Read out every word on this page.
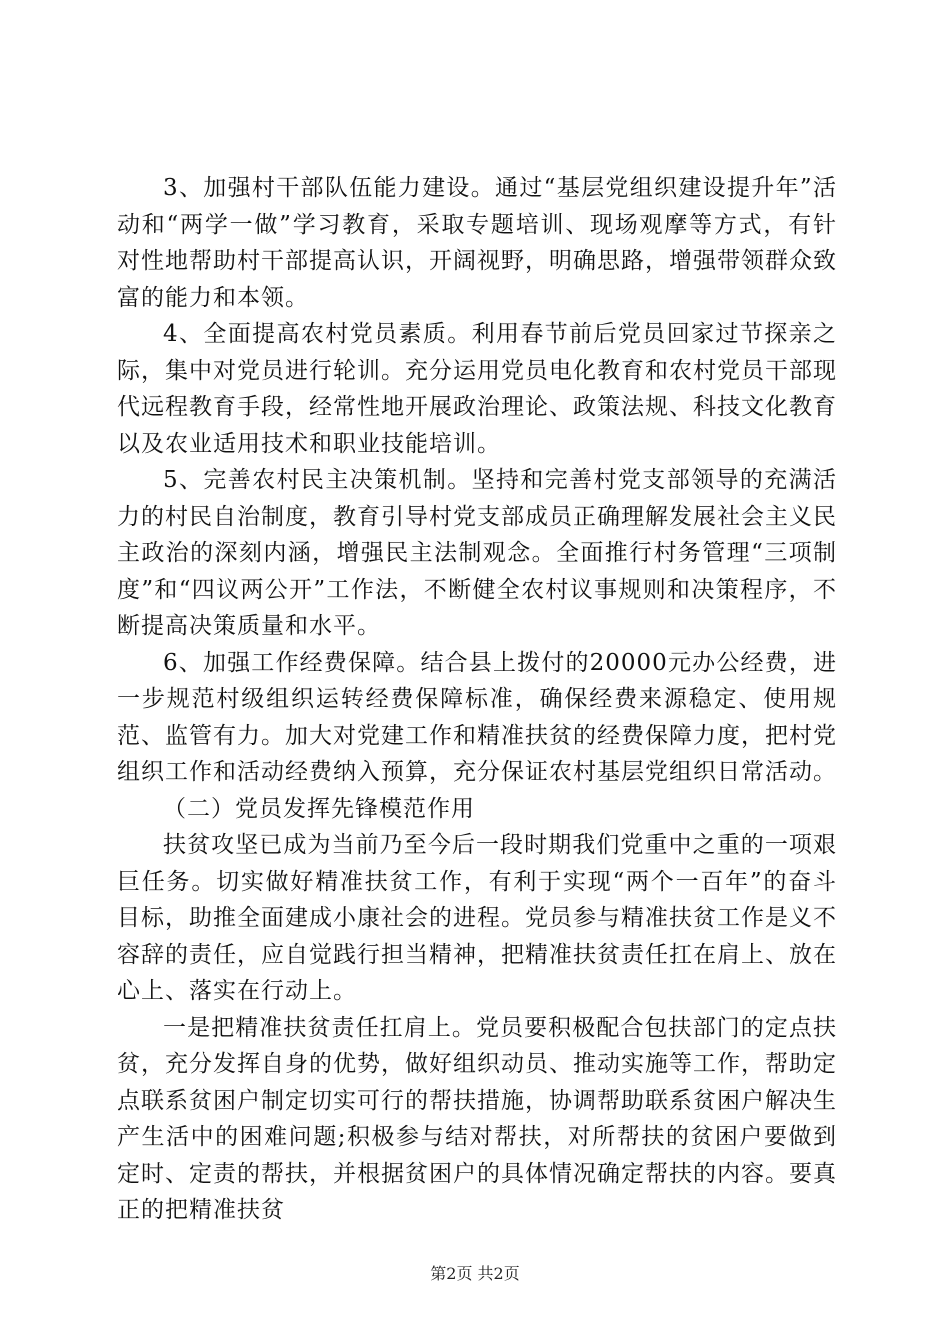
3、加强村干部队伍能力建设。通过“基层党组织建设提升年”活动和“两学一做”学习教育，采取专题培训、现场观摩等方式，有针对性地帮助村干部提高认识，开阔视野，明确思路，增强带领群众致富的能力和本领。

4、全面提高农村党员素质。利用春节前后党员回家过节探亲之际，集中对党员进行轮训。充分运用党员电化教育和农村党员干部现代远程教育手段，经常性地开展政治理论、政策法规、科技文化教育以及农业适用技术和职业技能培训。

5、完善农村民主决策机制。坚持和完善村党支部领导的充满活力的村民自治制度，教育引导村党支部成员正确理解发展社会主义民主政治的深刻内涵，增强民主法制观念。全面推行村务管理“三项制度”和“四议两公开”工作法，不断健全农村议事规则和决策程序，不断提高决策质量和水平。

6、加强工作经费保障。结合县上拨付的20000元办公经费，进一步规范村级组织运转经费保障标准，确保经费来源稳定、使用规范、监管有力。加大对党建工作和精准扶贫的经费保障力度，把村党组织工作和活动经费纳入预算，充分保证农村基层党组织日常活动。

（二）党员发挥先锋模范作用

扶贫攻坚已成为当前乃至今后一段时期我们党重中之重的一项艰巨任务。切实做好精准扶贫工作，有利于实现“两个一百年”的奋斗目标，助推全面建成小康社会的进程。党员参与精准扶贫工作是义不容辞的责任，应自觉践行担当精神，把精准扶贫责任扛在肩上、放在心上、落实在行动上。

一是把精准扶贫责任扛肩上。党员要积极配合包扶部门的定点扶贫，充分发挥自身的优势，做好组织动员、推动实施等工作，帮助定点联系贫困户制定切实可行的帮扶措施，协调帮助联系贫困户解决生产生活中的困难问题;积极参与结对帮扶，对所帮扶的贫困户要做到定时、定责的帮扶，并根据贫困户的具体情况确定帮扶的内容。要真正的把精准扶贫

第2页 共2页
